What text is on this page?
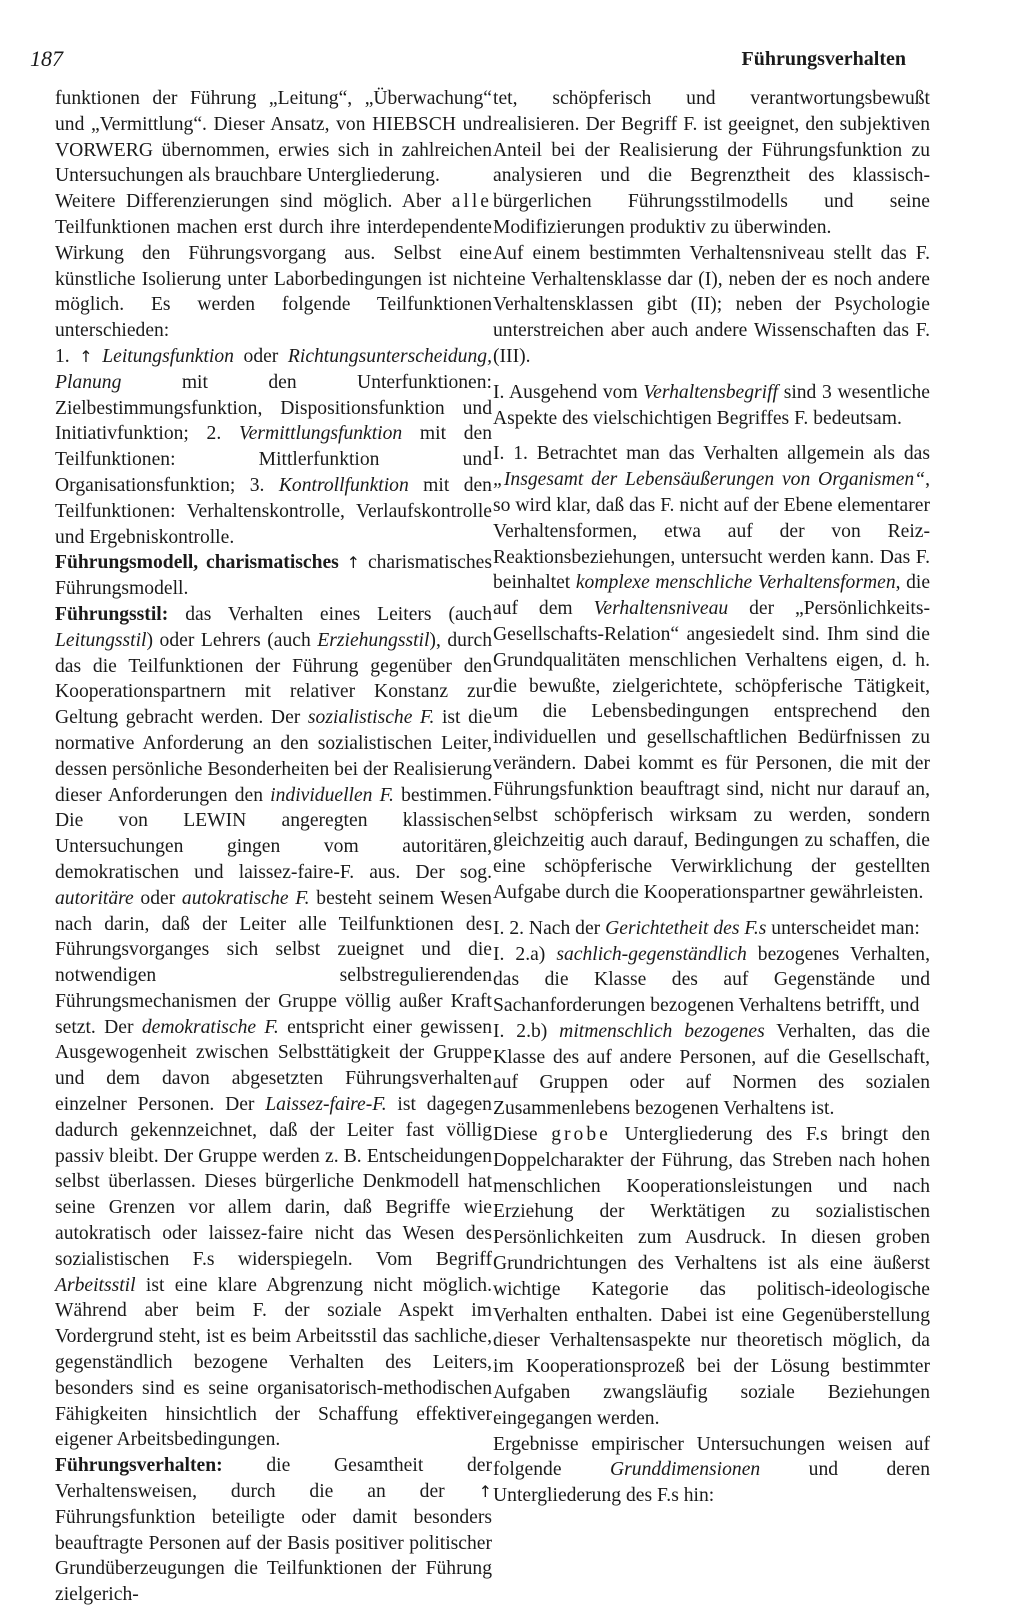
187	Führungsverhalten

funktionen der Führung „Leitung“, „Überwachung“ und „Vermittlung“. Dieser Ansatz, von HIEBSCH und VORWERG übernommen, erwies sich in zahlreichen Untersuchungen als brauchbare Untergliederung.

Weitere Differenzierungen sind möglich. Aber alle Teilfunktionen machen erst durch ihre interdependente Wirkung den Führungsvorgang aus. Selbst eine künstliche Isolierung unter Laborbedingungen ist nicht möglich. Es werden folgende Teilfunktionen unterschieden:

1. ↑ Leitungsfunktion oder Richtungsunterscheidung, Planung	mit den Unterfunktionen: Zielbestimmungsfunktion, Dispositionsfunktion und Initiativfunktion; 2. Vermittlungsfunktion mit den Teilfunktionen: Mittlerfunktion und Organisationsfunktion; 3. Kontrollfunktion mit den Teilfunktionen: Verhaltenskontrolle, Verlaufskontrolle und Ergebniskontrolle.

Führungsmodell, charismatisches ↑ charismatisches Führungsmodell.

Führungsstil: das Verhalten eines Leiters (auch Leitungsstil) oder Lehrers (auch Erziehungsstil), durch das die Teilfunktionen der Führung gegenüber den Kooperationspartnern mit relativer Konstanz zur Geltung gebracht werden. Der sozialistische F. ist die normative Anforderung an den sozialistischen Leiter, dessen persönliche Besonderheiten bei der Realisierung dieser Anforderungen den individuellen F. bestimmen. Die von LEWIN angeregten klassischen Untersuchungen gingen vom autoritären, demokratischen und laissez-faire-F. aus. Der sog. autoritäre oder autokratische F. besteht seinem Wesen nach darin, daß der Leiter alle Teilfunktionen des Führungsvorganges sich selbst zueignet und die notwendigen selbstregulierenden Führungsmechanismen der Gruppe völlig außer Kraft setzt. Der demokratische F. entspricht einer gewissen Ausgewogenheit zwischen Selbsttätigkeit der Gruppe und dem davon abgesetzten Führungsverhalten einzelner Personen. Der Laissez-faire-F. ist dagegen dadurch gekennzeichnet, daß der Leiter fast völlig passiv bleibt. Der Gruppe werden z. B. Entscheidungen selbst überlassen. Dieses bürgerliche Denkmodell hat seine Grenzen vor allem darin, daß Begriffe wie autokratisch oder laissez-faire nicht das Wesen des sozialistischen F.s widerspiegeln. Vom Begriff Arbeitsstil ist eine klare Abgrenzung nicht möglich. Während aber beim F. der soziale Aspekt im Vordergrund steht, ist es beim Arbeitsstil das sachliche, gegenständlich bezogene Verhalten des Leiters, besonders sind es seine organisatorisch-methodischen Fähigkeiten hinsichtlich der Schaffung effektiver eigener Arbeitsbedingungen.

Führungsverhalten: die Gesamtheit der Verhaltensweisen, durch die an der ↑ Führungsfunktion beteiligte oder damit besonders beauftragte Personen auf der Basis positiver politischer Grundüberzeugungen die Teilfunktionen der Führung zielgerich-

tet, schöpferisch und verantwortungsbewußt realisieren. Der Begriff F. ist geeignet, den subjektiven Anteil bei der Realisierung der Führungsfunktion zu analysieren und die Begrenztheit des klassisch-bürgerlichen Führungsstilmodells und seine Modifizierungen produktiv zu überwinden.

Auf einem bestimmten Verhaltensniveau stellt das F. eine Verhaltensklasse dar (I), neben der es noch andere Verhaltensklassen gibt (II); neben der Psychologie unterstreichen aber auch andere Wissenschaften das F. (III).

I. Ausgehend vom Verhaltensbegriff sind 3 wesentliche Aspekte des vielschichtigen Begriffes F. bedeutsam.

I. 1. Betrachtet man das Verhalten allgemein als das „Insgesamt der Lebensäußerungen von Organismen“, so wird klar, daß das F. nicht auf der Ebene elementarer Verhaltensformen, etwa auf der von Reiz-Reaktionsbeziehungen, untersucht werden kann. Das F. beinhaltet komplexe menschliche Verhaltensformen, die auf dem Verhaltensniveau der „Persönlichkeits-Gesellschafts-Relation“ angesiedelt sind. Ihm sind die Grundqualitäten menschlichen Verhaltens eigen, d. h. die bewußte, zielgerichtete, schöpferische Tätigkeit, um die Lebensbedingungen entsprechend den individuellen und gesellschaftlichen Bedürfnissen zu verändern. Dabei kommt es für Personen, die mit der Führungsfunktion beauftragt sind, nicht nur darauf an, selbst schöpferisch wirksam zu werden, sondern gleichzeitig auch darauf, Bedingungen zu schaffen, die eine schöpferische Verwirklichung der gestellten Aufgabe durch die Kooperationspartner gewährleisten.

I. 2. Nach der Gerichtetheit des F.s unterscheidet man:

I. 2.a) sachlich-gegenständlich bezogenes Verhalten, das die Klasse des auf Gegenstände und Sachanforderungen bezogenen Verhaltens betrifft, und

I. 2.b) mitmenschlich bezogenes Verhalten, das die Klasse des auf andere Personen, auf die Gesellschaft, auf Gruppen oder auf Normen des sozialen Zusammenlebens bezogenen Verhaltens ist.

Diese grobe Untergliederung des F.s bringt den Doppelcharakter der Führung, das Streben nach hohen menschlichen Kooperationsleistungen und nach Erziehung der Werktätigen zu sozialistischen Persönlichkeiten zum Ausdruck. In diesen groben Grundrichtungen des Verhaltens ist als eine äußerst wichtige Kategorie das politisch-ideologische Verhalten enthalten. Dabei ist eine Gegenüberstellung dieser Verhaltensaspekte nur theoretisch möglich, da im Kooperationsprozeß bei der Lösung bestimmter Aufgaben zwangsläufig soziale Beziehungen eingegangen werden.

Ergebnisse empirischer Untersuchungen weisen auf folgende Grunddimensionen und deren Untergliederung des F.s hin:
